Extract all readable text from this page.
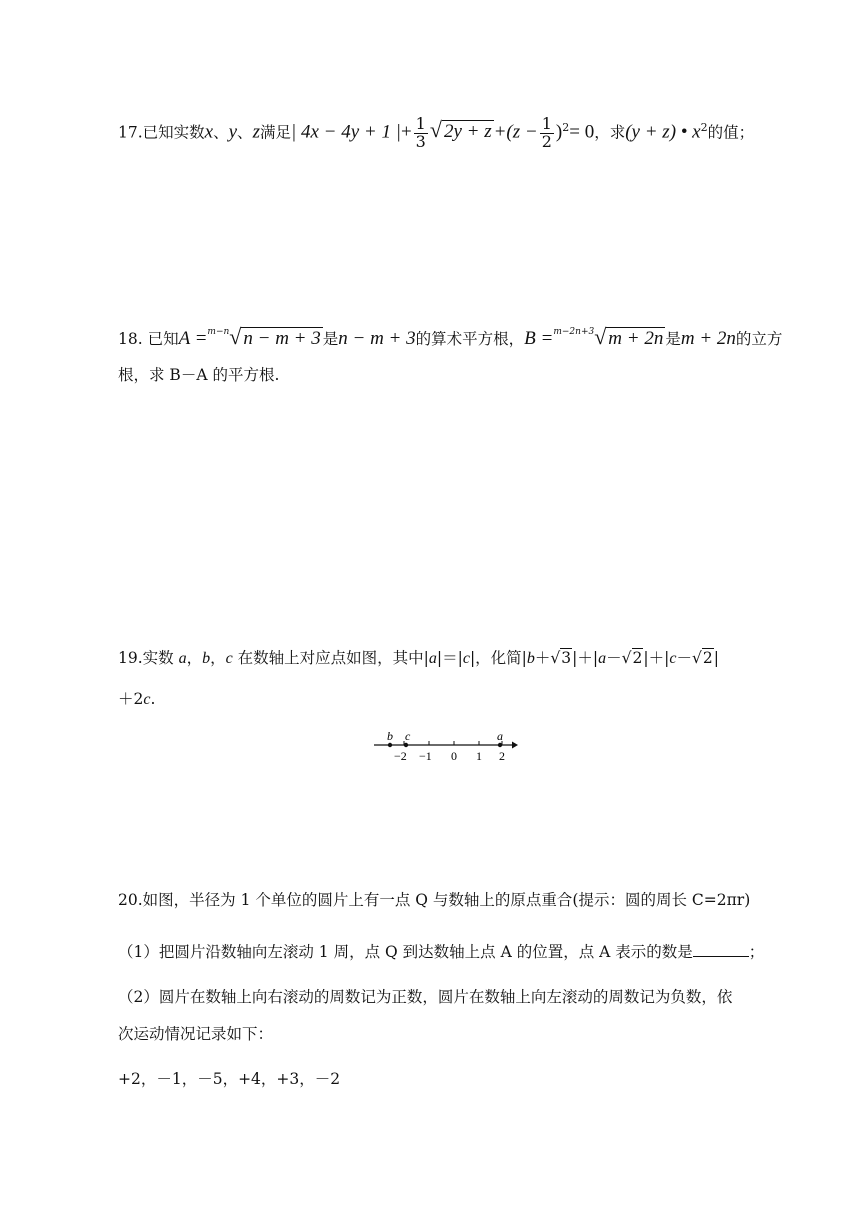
17.已知实数x、y、z满足| 4x − 4y + 1 |+ $\frac{1}{3}$ √ $2y + z +(z - \frac{1}{2} )^2= 0$，求(y + z) • $x^2$的值；
18. 已知A =$^{m-n}$√ n − m + 3 是n − m + 3的算术平方根，B =$^{m-2n+3}$√ m + 2n 是m + 2n的立方
根，求 B－A 的平方根.
19.实数 a，b，c 在数轴上对应点如图，其中|a|＝|c|，化简|b＋√3|＋|a－√2|＋|c－√2|
＋2c.
b c	a
−2 −1 0 1 2
20.如图，半径为 1 个单位的圆片上有一点 Q 与数轴上的原点重合(提示：圆的周长 C=2πr)
（1）把圆片沿数轴向左滚动 1 周，点 Q 到达数轴上点 A 的位置，点 A 表示的数是	；
（2）圆片在数轴上向右滚动的周数记为正数，圆片在数轴上向左滚动的周数记为负数，依
次运动情况记录如下：
+2，－1，－5，+4，+3，－2
